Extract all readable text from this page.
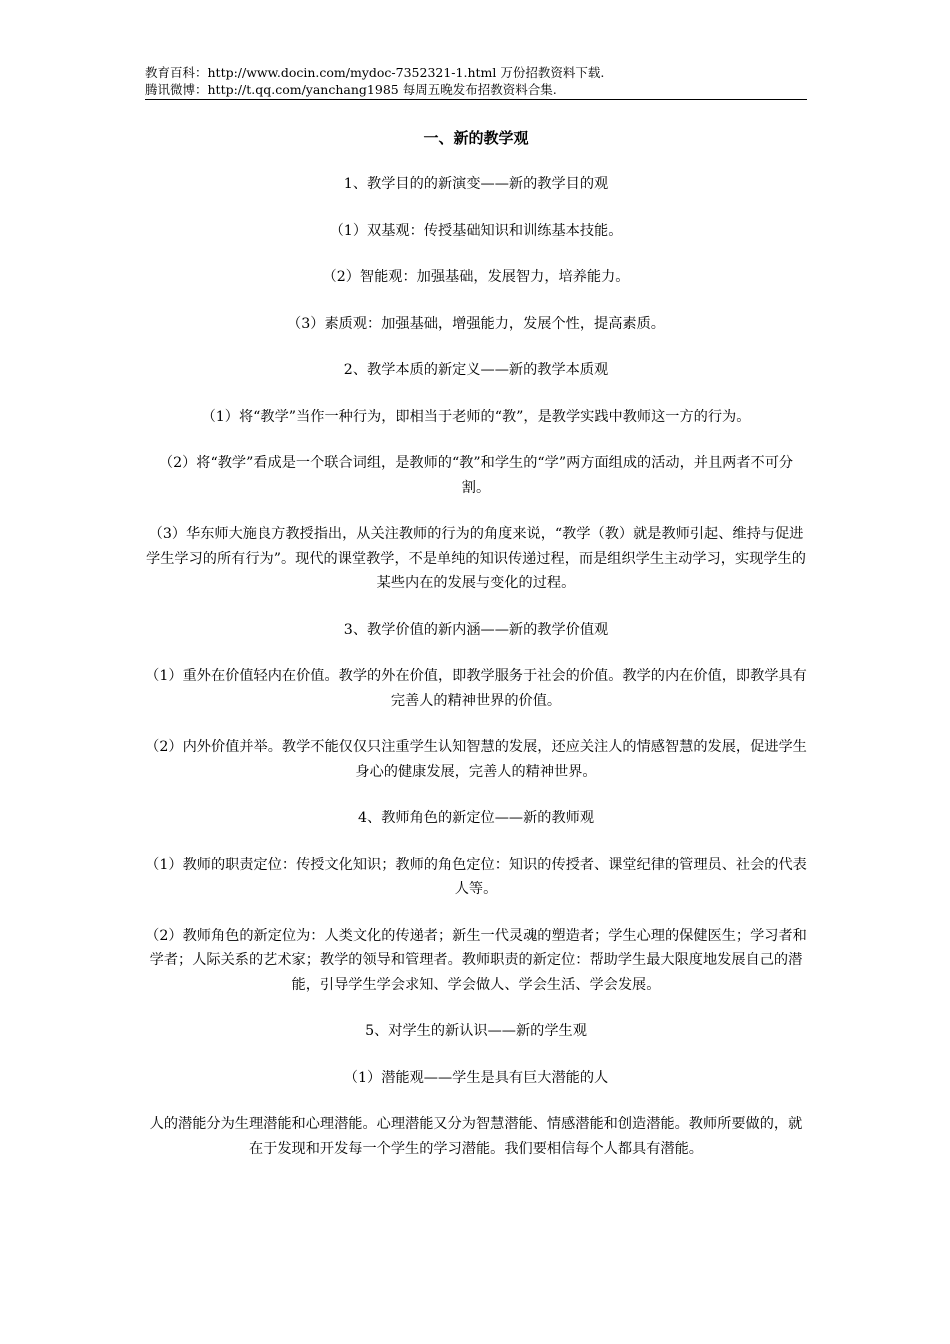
教育百科：http://www.docin.com/mydoc-7352321-1.html 万份招教资料下载.
腾讯微博：http://t.qq.com/yanchang1985 每周五晚发布招教资料合集.
一、新的教学观

1、教学目的的新演变——新的教学目的观

（1）双基观：传授基础知识和训练基本技能。

（2）智能观：加强基础，发展智力，培养能力。

（3）素质观：加强基础，增强能力，发展个性，提高素质。

2、教学本质的新定义——新的教学本质观

（1）将“教学”当作一种行为，即相当于老师的“教”，是教学实践中教师这一方的行为。

（2）将“教学”看成是一个联合词组，是教师的“教”和学生的“学”两方面组成的活动，并且两者不可分割。

（3）华东师大施良方教授指出，从关注教师的行为的角度来说，“教学（教）就是教师引起、维持与促进学生学习的所有行为”。现代的课堂教学，不是单纯的知识传递过程，而是组织学生主动学习，实现学生的某些内在的发展与变化的过程。

3、教学价值的新内涵——新的教学价值观

（1）重外在价值轻内在价值。教学的外在价值，即教学服务于社会的价值。教学的内在价值，即教学具有完善人的精神世界的价值。

（2）内外价值并举。教学不能仅仅只注重学生认知智慧的发展，还应关注人的情感智慧的发展，促进学生身心的健康发展，完善人的精神世界。

4、教师角色的新定位——新的教师观

（1）教师的职责定位：传授文化知识；教师的角色定位：知识的传授者、课堂纪律的管理员、社会的代表人等。

（2）教师角色的新定位为：人类文化的传递者；新生一代灵魂的塑造者；学生心理的保健医生；学习者和学者；人际关系的艺术家；教学的领导和管理者。教师职责的新定位：帮助学生最大限度地发展自己的潜能，引导学生学会求知、学会做人、学会生活、学会发展。

5、对学生的新认识——新的学生观

（1）潜能观——学生是具有巨大潜能的人

人的潜能分为生理潜能和心理潜能。心理潜能又分为智慧潜能、情感潜能和创造潜能。教师所要做的，就在于发现和开发每一个学生的学习潜能。我们要相信每个人都具有潜能。
